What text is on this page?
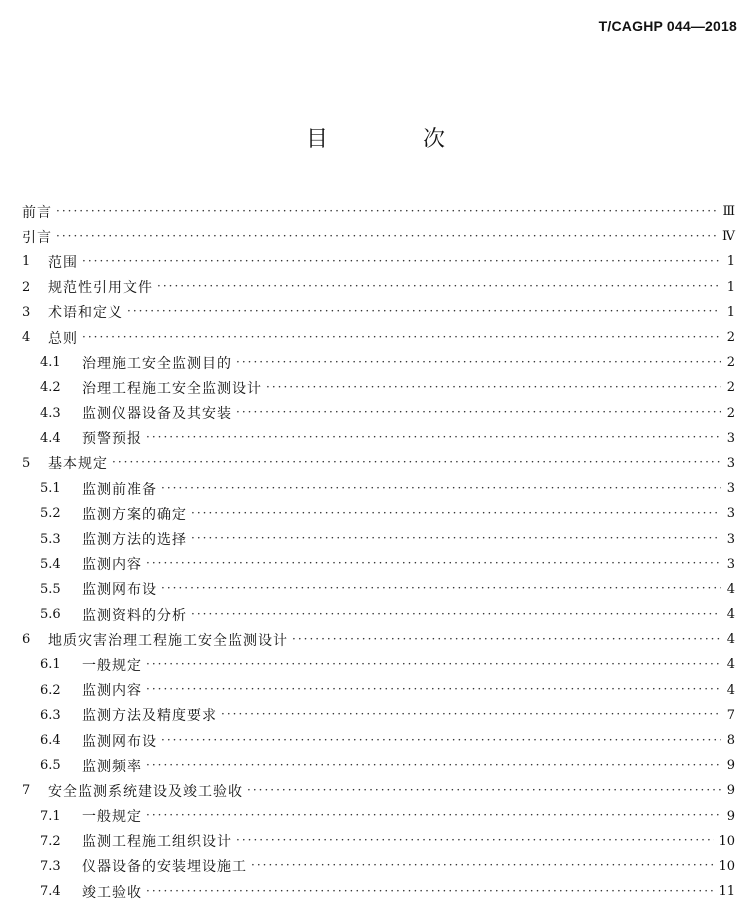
T/CAGHP 044—2018
目 次
前言 ·····	Ⅲ
引言 ·····	Ⅳ
1	范围 ·····	1
2	规范性引用文件 ·····	1
3	术语和定义 ·····	1
4	总则 ·····	2
4.1	治理施工安全监测目的 ·····	2
4.2	治理工程施工安全监测设计 ·····	2
4.3	监测仪器设备及其安装 ·····	2
4.4	预警预报 ·····	3
5	基本规定 ·····	3
5.1	监测前准备 ·····	3
5.2	监测方案的确定 ·····	3
5.3	监测方法的选择 ·····	3
5.4	监测内容 ·····	3
5.5	监测网布设 ·····	4
5.6	监测资料的分析 ·····	4
6	地质灾害治理工程施工安全监测设计 ·····	4
6.1	一般规定 ·····	4
6.2	监测内容 ·····	4
6.3	监测方法及精度要求 ·····	7
6.4	监测网布设 ·····	8
6.5	监测频率 ·····	9
7	安全监测系统建设及竣工验收 ·····	9
7.1	一般规定 ·····	9
7.2	监测工程施工组织设计 ·····	10
7.3	仪器设备的安装埋设施工 ·····	10
7.4	竣工验收 ·····	11
